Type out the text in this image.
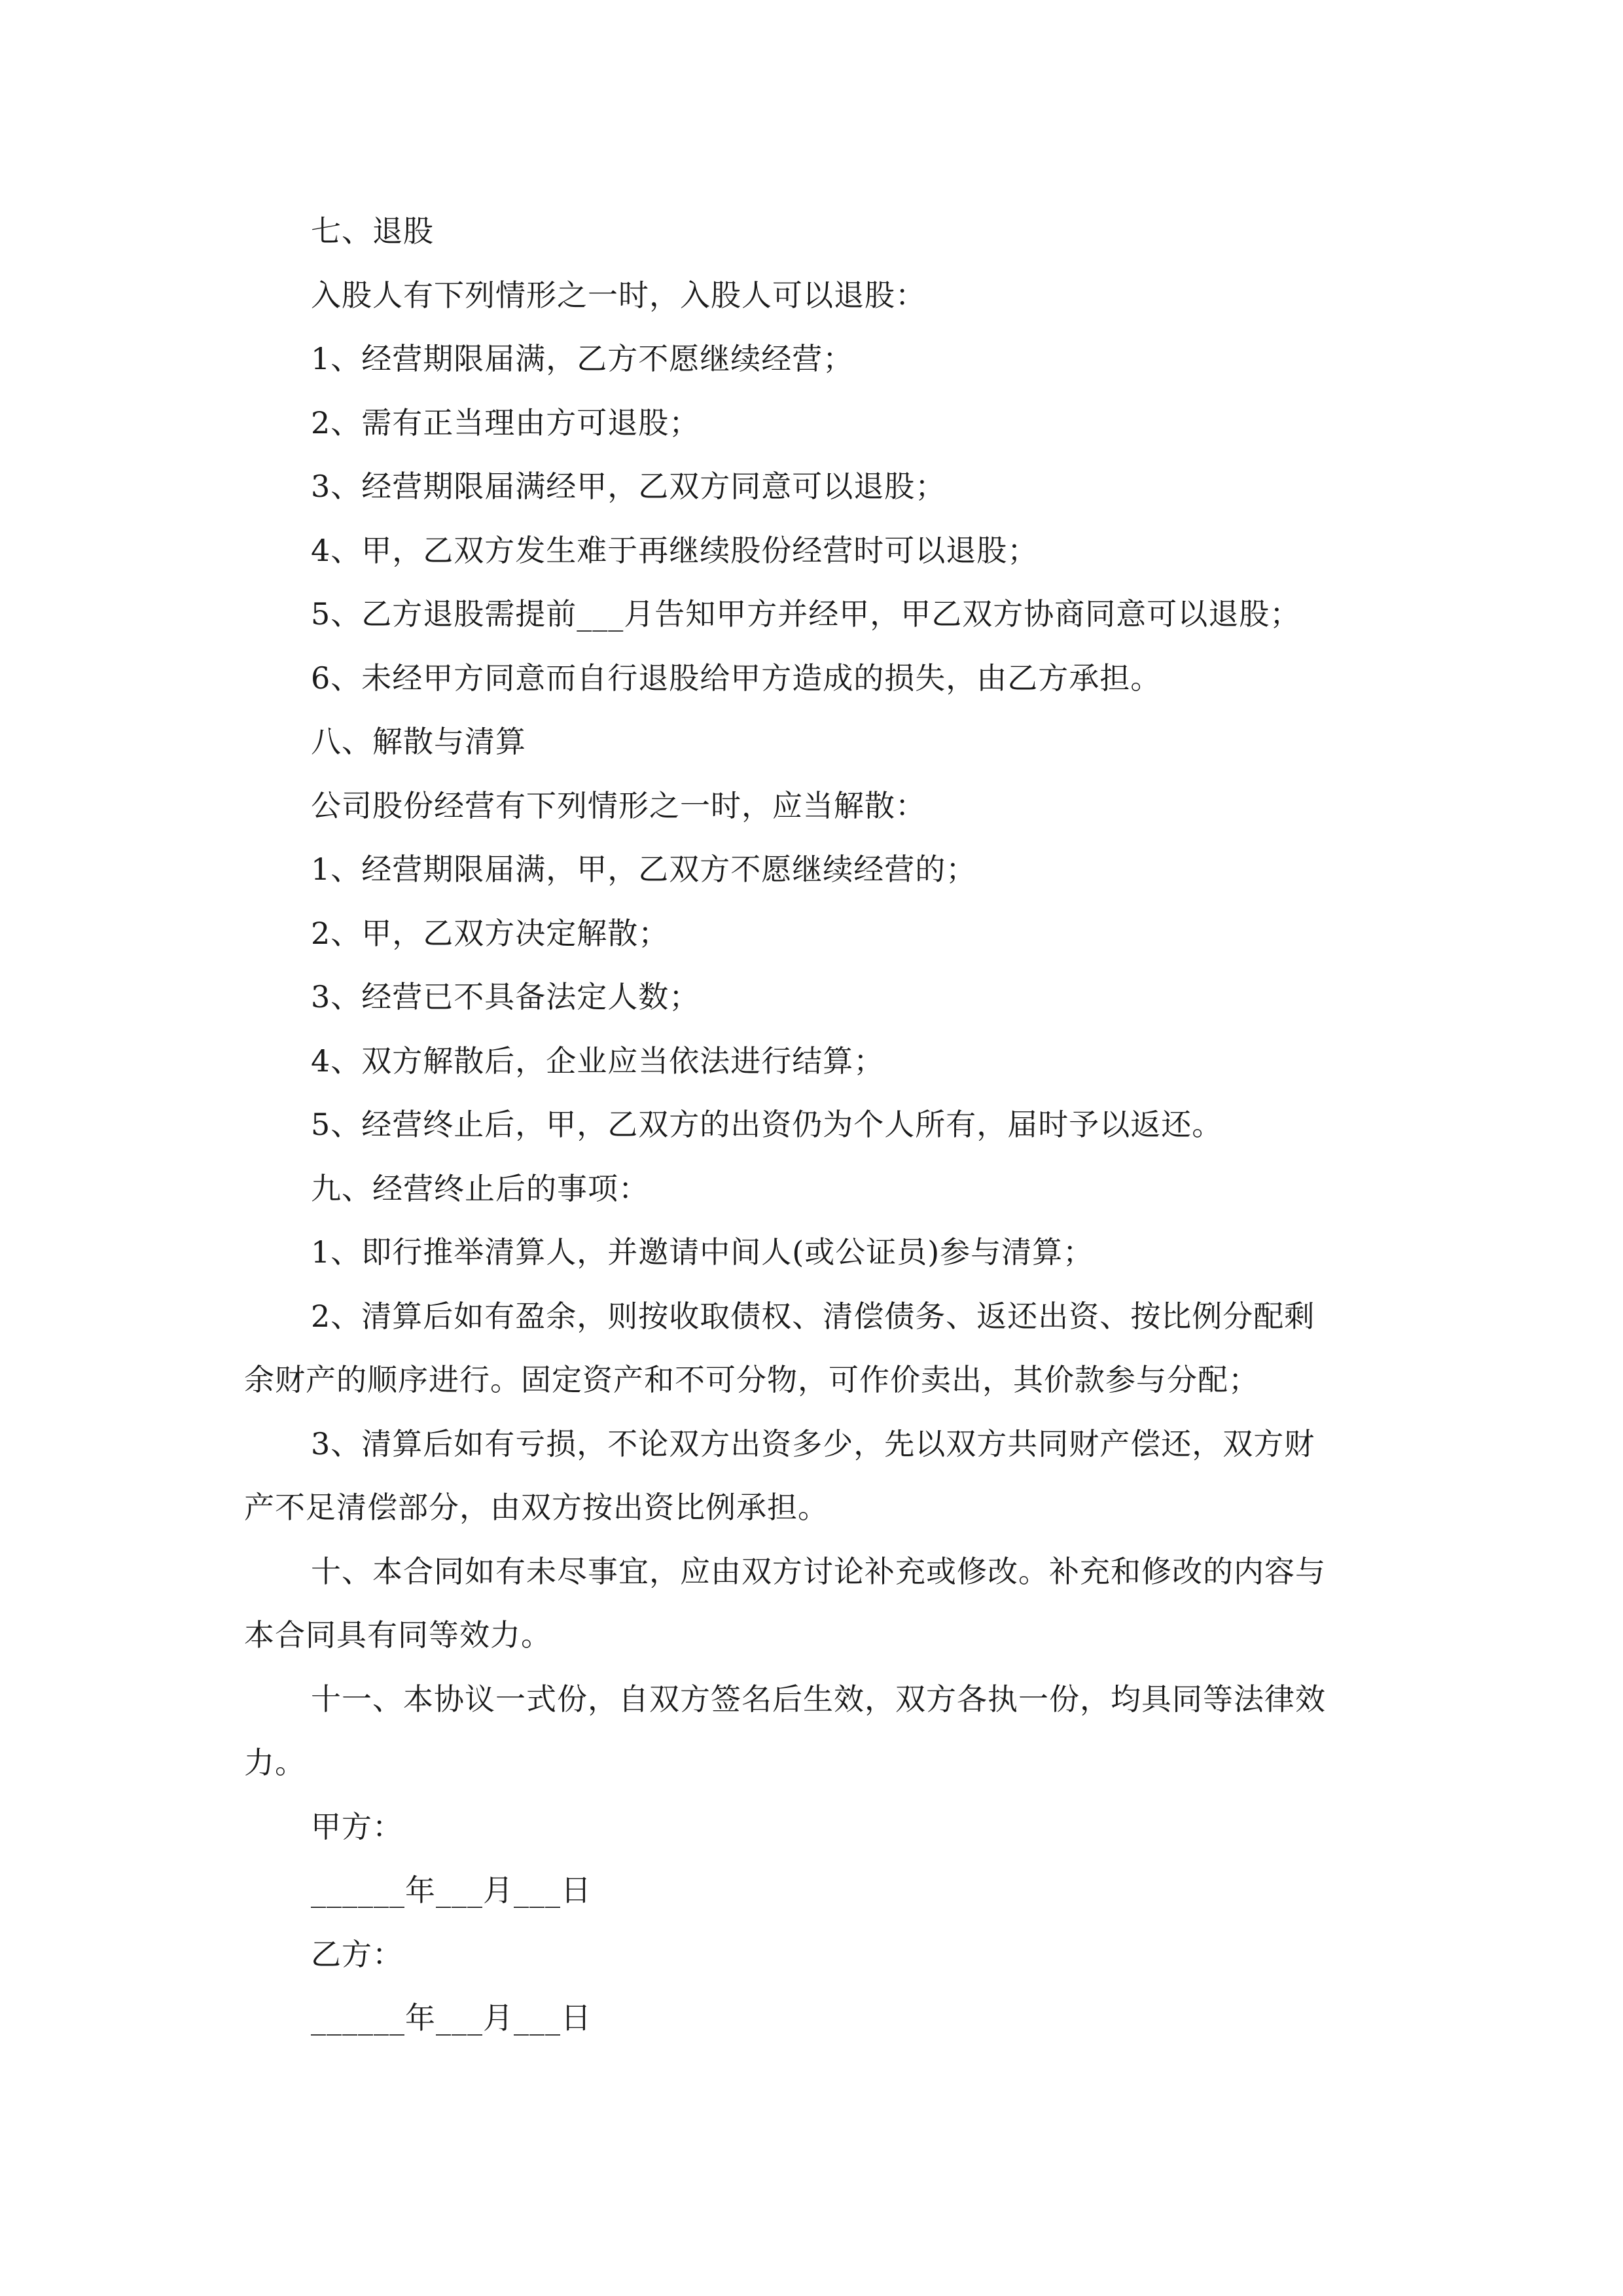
七、退股
入股人有下列情形之一时，入股人可以退股：
1、经营期限届满，乙方不愿继续经营；
2、需有正当理由方可退股；
3、经营期限届满经甲，乙双方同意可以退股；
4、甲，乙双方发生难于再继续股份经营时可以退股；
5、乙方退股需提前___月告知甲方并经甲，甲乙双方协商同意可以退股；
6、未经甲方同意而自行退股给甲方造成的损失，由乙方承担。
八、解散与清算
公司股份经营有下列情形之一时，应当解散：
1、经营期限届满，甲，乙双方不愿继续经营的；
2、甲，乙双方决定解散；
3、经营已不具备法定人数；
4、双方解散后，企业应当依法进行结算；
5、经营终止后，甲，乙双方的出资仍为个人所有，届时予以返还。
九、经营终止后的事项：
1、即行推举清算人，并邀请中间人(或公证员)参与清算；
2、清算后如有盈余，则按收取债权、清偿债务、返还出资、按比例分配剩
余财产的顺序进行。固定资产和不可分物，可作价卖出，其价款参与分配；
3、清算后如有亏损，不论双方出资多少，先以双方共同财产偿还，双方财
产不足清偿部分，由双方按出资比例承担。
十、本合同如有未尽事宜，应由双方讨论补充或修改。补充和修改的内容与
本合同具有同等效力。
十一、本协议一式份，自双方签名后生效，双方各执一份，均具同等法律效
力。
甲方：
______年___月___日
乙方：
______年___月___日
